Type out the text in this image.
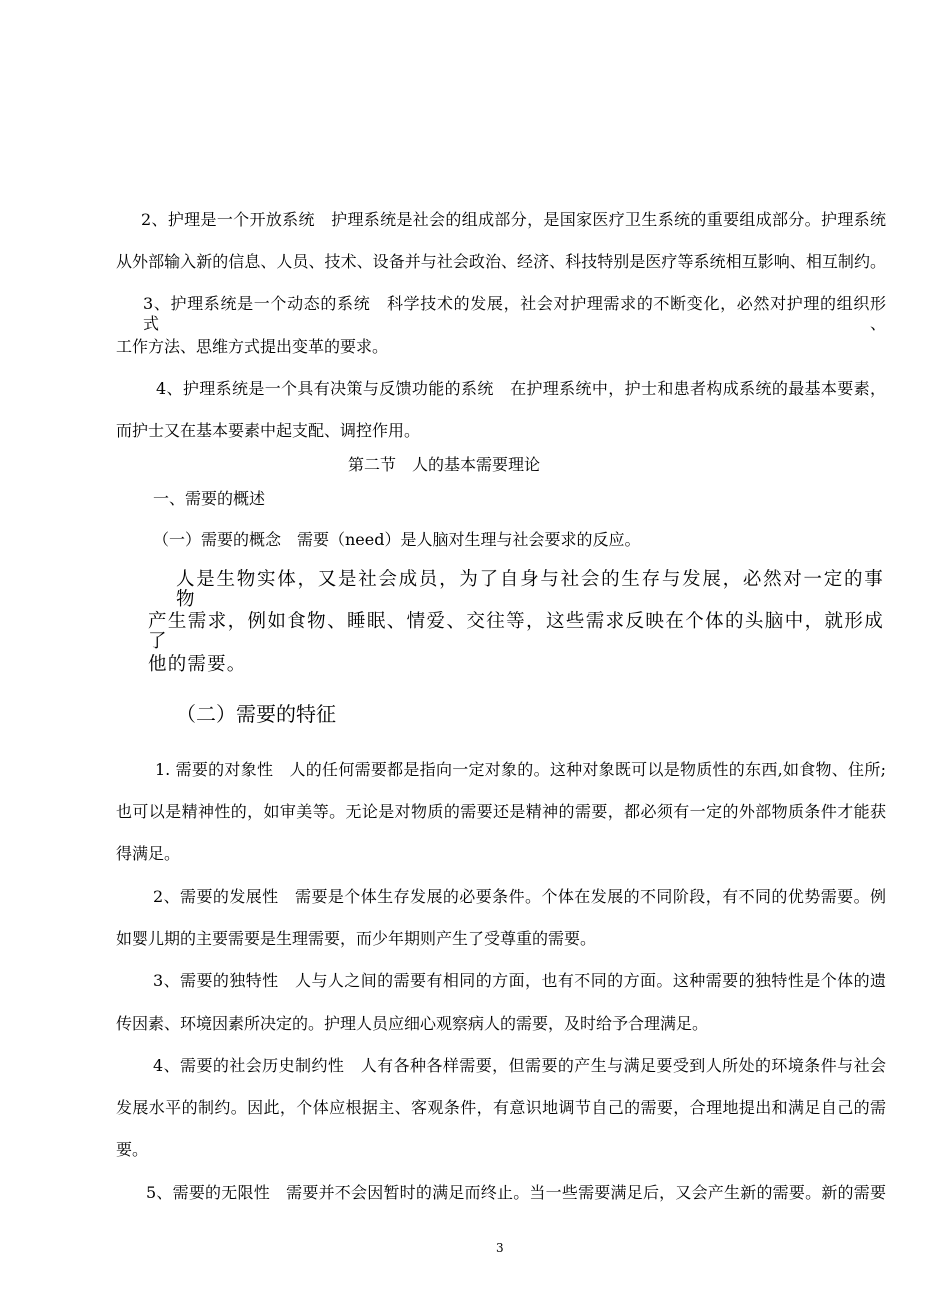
2、护理是一个开放系统　护理系统是社会的组成部分，是国家医疗卫生系统的重要组成部分。护理系统
从外部输入新的信息、人员、技术、设备并与社会政治、经济、科技特别是医疗等系统相互影响、相互制约。
3、护理系统是一个动态的系统　科学技术的发展，社会对护理需求的不断变化，必然对护理的组织形式、
工作方法、思维方式提出变革的要求。
4、护理系统是一个具有决策与反馈功能的系统　在护理系统中，护士和患者构成系统的最基本要素，
而护士又在基本要素中起支配、调控作用。
第二节　人的基本需要理论
一、需要的概述
（一）需要的概念　需要（need）是人脑对生理与社会要求的反应。
人是生物实体，又是社会成员，为了自身与社会的生存与发展，必然对一定的事物
产生需求，例如食物、睡眠、情爱、交往等，这些需求反映在个体的头脑中，就形成了
他的需要。
（二）需要的特征
1. 需要的对象性　人的任何需要都是指向一定对象的。这种对象既可以是物质性的东西,如食物、住所;
也可以是精神性的，如审美等。无论是对物质的需要还是精神的需要，都必须有一定的外部物质条件才能获
得满足。
2、需要的发展性　需要是个体生存发展的必要条件。个体在发展的不同阶段，有不同的优势需要。例
如婴儿期的主要需要是生理需要，而少年期则产生了受尊重的需要。
3、需要的独特性　人与人之间的需要有相同的方面，也有不同的方面。这种需要的独特性是个体的遗
传因素、环境因素所决定的。护理人员应细心观察病人的需要，及时给予合理满足。
4、需要的社会历史制约性　人有各种各样需要，但需要的产生与满足要受到人所处的环境条件与社会
发展水平的制约。因此，个体应根据主、客观条件，有意识地调节自己的需要，合理地提出和满足自己的需
要。
5、需要的无限性　需要并不会因暂时的满足而终止。当一些需要满足后，又会产生新的需要。新的需要
3
